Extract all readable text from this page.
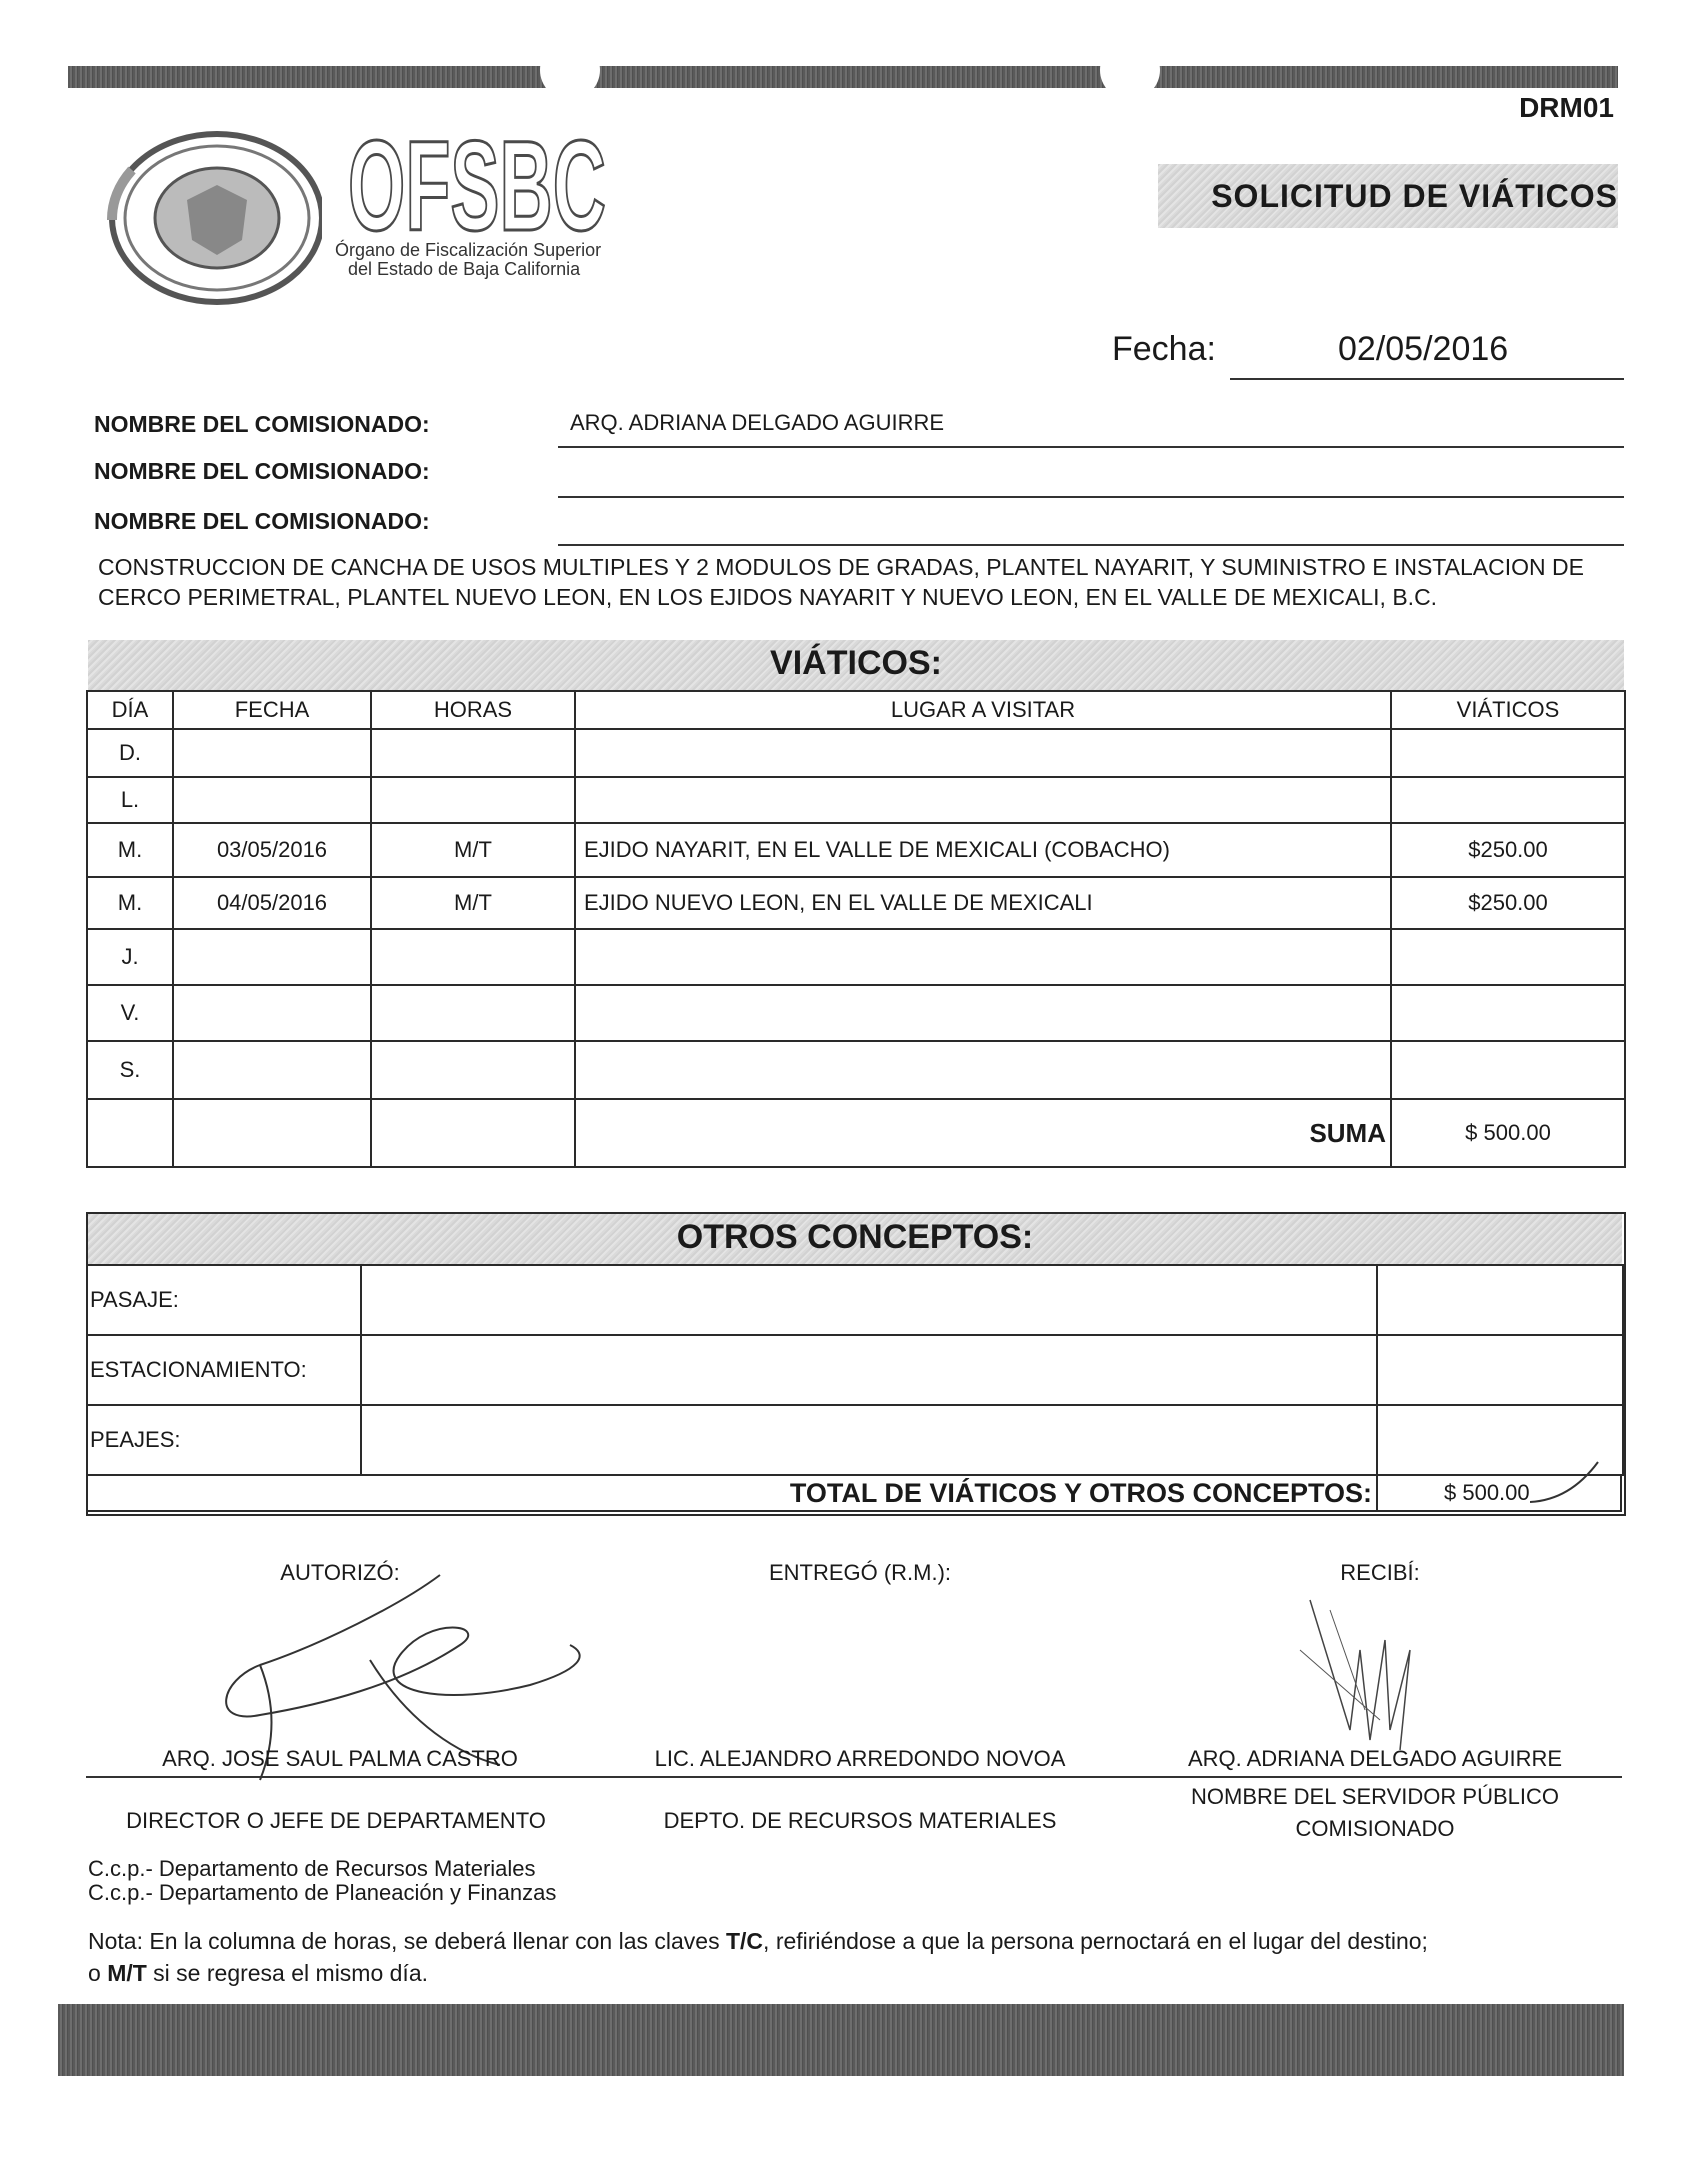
DRM01
OFSBC
Órgano de Fiscalización Superior
del Estado de Baja California
SOLICITUD DE VIÁTICOS
Fecha:	02/05/2016
NOMBRE DEL COMISIONADO:	ARQ. ADRIANA DELGADO AGUIRRE
NOMBRE DEL COMISIONADO:
NOMBRE DEL COMISIONADO:
CONSTRUCCION DE CANCHA DE USOS MULTIPLES Y 2 MODULOS DE GRADAS, PLANTEL NAYARIT, Y SUMINISTRO E INSTALACION DE
CERCO PERIMETRAL, PLANTEL NUEVO LEON, EN LOS EJIDOS NAYARIT Y NUEVO LEON, EN EL VALLE DE MEXICALI, B.C.
VIÁTICOS:
DÍA	FECHA	HORAS	LUGAR A VISITAR	VIÁTICOS
D.				
L.				
M.	03/05/2016	M/T	EJIDO NAYARIT, EN EL VALLE DE MEXICALI (COBACHO)	$250.00
M.	04/05/2016	M/T	EJIDO NUEVO LEON, EN EL VALLE DE MEXICALI	$250.00
J.				
V.				
S.				
			SUMA	$ 500.00
OTROS CONCEPTOS:
PASAJE:		
ESTACIONAMIENTO:		
PEAJES:		
TOTAL DE VIÁTICOS Y OTROS CONCEPTOS:	$ 500.00
AUTORIZÓ:	ENTREGÓ (R.M.):	RECIBÍ:
ARQ. JOSE SAUL PALMA CASTRO	LIC. ALEJANDRO ARREDONDO NOVOA	ARQ. ADRIANA DELGADO AGUIRRE
DIRECTOR O JEFE DE DEPARTAMENTO	DEPTO. DE RECURSOS MATERIALES
NOMBRE DEL SERVIDOR PÚBLICO
COMISIONADO
C.c.p.- Departamento de Recursos Materiales
C.c.p.- Departamento de Planeación y Finanzas
Nota: En la columna de horas, se deberá llenar con las claves T/C, refiriéndose a que la persona pernoctará en el lugar del destino;
o M/T si se regresa el mismo día.
